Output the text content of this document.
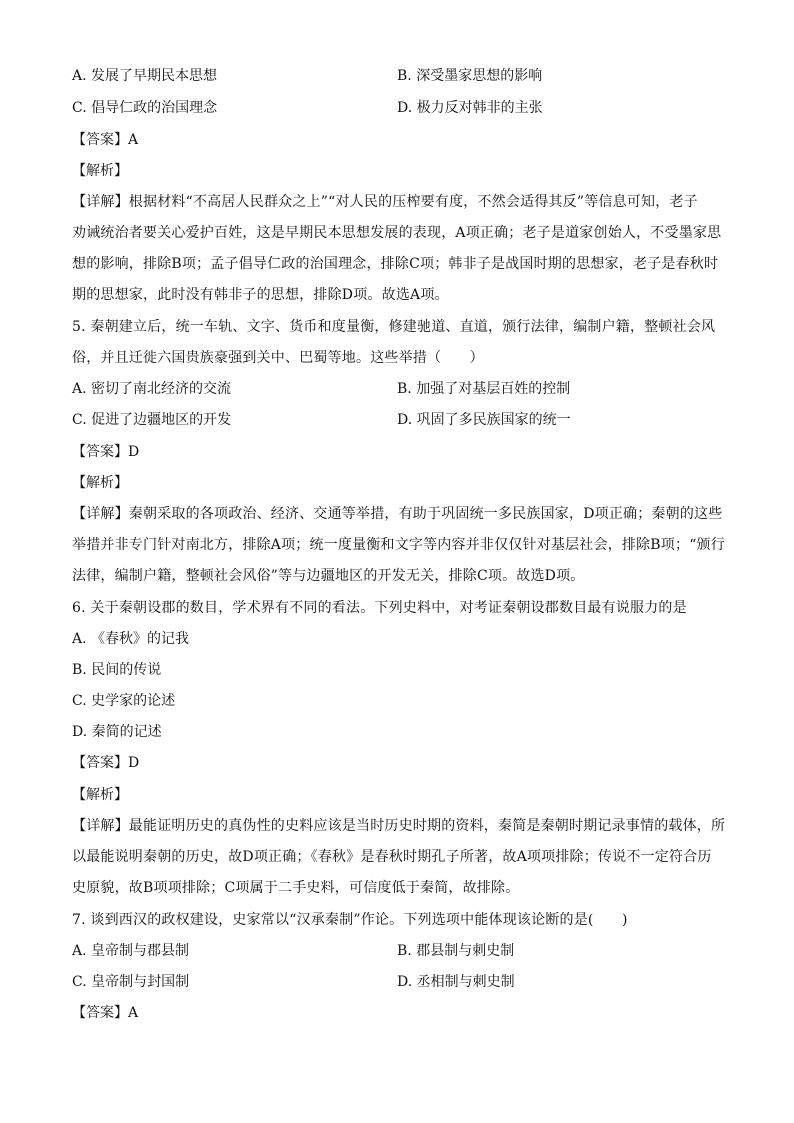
A. 发展了早期民本思想	B. 深受墨家思想的影响
C. 倡导仁政的治国理念	D. 极力反对韩非的主张
【答案】A
【解析】
【详解】根据材料“不高居人民群众之上”“对人民的压榨要有度，不然会适得其反”等信息可知，老子
劝诫统治者要关心爱护百姓，这是早期民本思想发展的表现，A项正确；老子是道家创始人，不受墨家思
想的影响，排除B项；孟子倡导仁政的治国理念，排除C项；韩非子是战国时期的思想家，老子是春秋时
期的思想家，此时没有韩非子的思想，排除D项。故选A项。
5. 秦朝建立后，统一车轨、文字、货币和度量衡，修建驰道、直道，颁行法律，编制户籍，整顿社会风
俗，并且迁徙六国贵族豪强到关中、巴蜀等地。这些举措（　　）
A. 密切了南北经济的交流	B. 加强了对基层百姓的控制
C. 促进了边疆地区的开发	D. 巩固了多民族国家的统一
【答案】D
【解析】
【详解】秦朝采取的各项政治、经济、交通等举措，有助于巩固统一多民族国家，D项正确；秦朝的这些
举措并非专门针对南北方，排除A项；统一度量衡和文字等内容并非仅仅针对基层社会，排除B项；“颁行
法律，编制户籍，整顿社会风俗”等与边疆地区的开发无关，排除C项。故选D项。
6. 关于秦朝设郡的数目，学术界有不同的看法。下列史料中，对考证秦朝设郡数目最有说服力的是
A. 《春秋》的记我
B. 民间的传说
C. 史学家的论述
D. 秦简的记述
【答案】D
【解析】
【详解】最能证明历史的真伪性的史料应该是当时历史时期的资料，秦简是秦朝时期记录事情的载体，所
以最能说明秦朝的历史，故D项正确；《春秋》是春秋时期孔子所著，故A项项排除；传说不一定符合历
史原貌，故B项项排除；C项属于二手史料，可信度低于秦简，故排除。
7. 谈到西汉的政权建设，史家常以“汉承秦制”作论。下列选项中能体现该论断的是(　　)
A. 皇帝制与郡县制	B. 郡县制与刺史制
C. 皇帝制与封国制	D. 丞相制与刺史制
【答案】A
